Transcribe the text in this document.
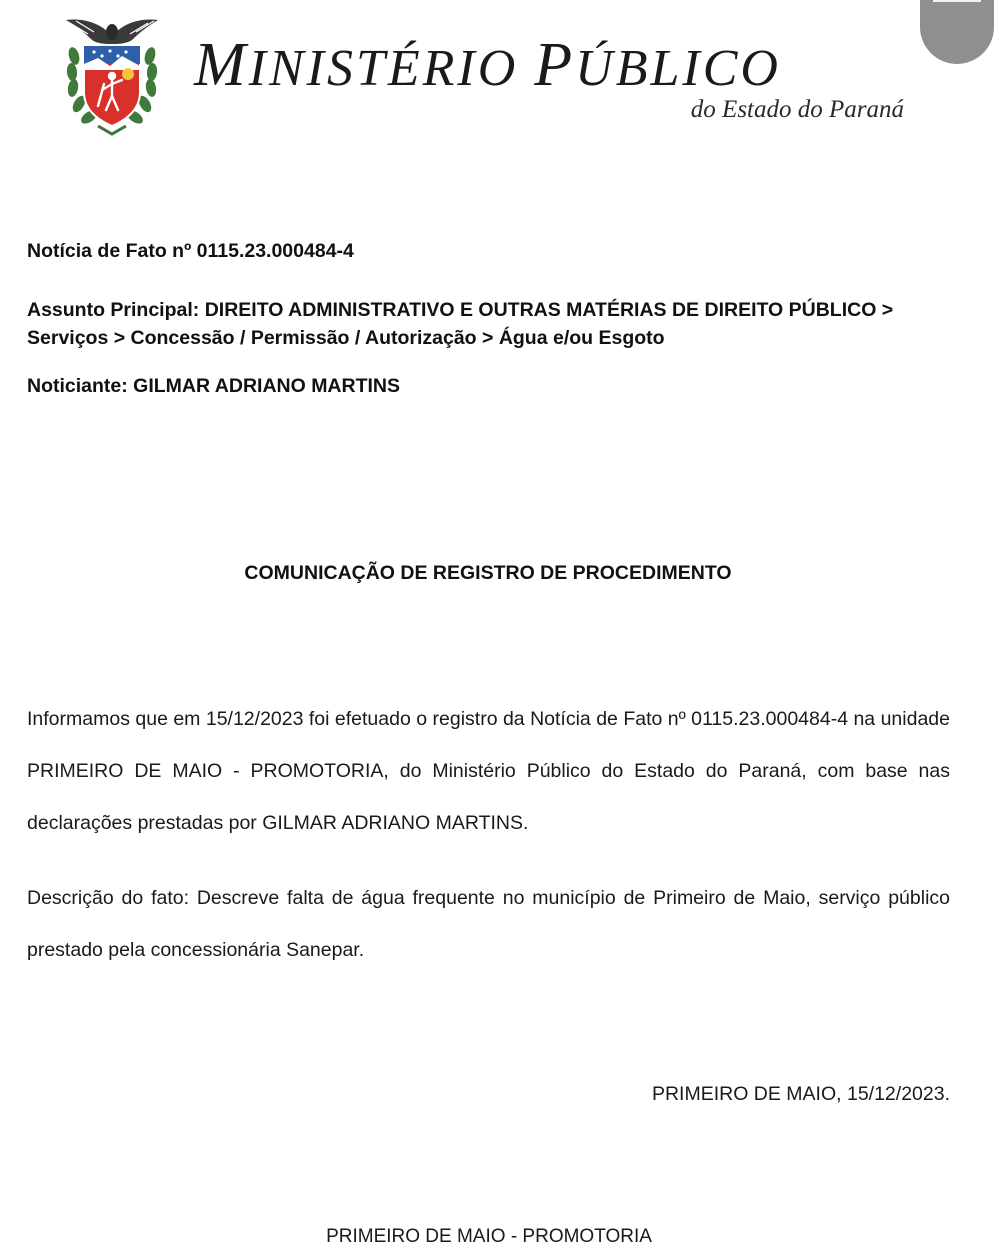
MINISTÉRIO PÚBLICO
do Estado do Paraná
Notícia de Fato nº 0115.23.000484-4
Assunto Principal: DIREITO ADMINISTRATIVO E OUTRAS MATÉRIAS DE DIREITO PÚBLICO > Serviços > Concessão / Permissão / Autorização > Água e/ou Esgoto
Noticiante: GILMAR ADRIANO MARTINS
COMUNICAÇÃO DE REGISTRO DE PROCEDIMENTO
Informamos que em 15/12/2023 foi efetuado o registro da Notícia de Fato nº 0115.23.000484-4 na unidade PRIMEIRO DE MAIO - PROMOTORIA, do Ministério Público do Estado do Paraná, com base nas declarações prestadas por GILMAR ADRIANO MARTINS.
Descrição do fato: Descreve falta de água frequente no município de Primeiro de Maio, serviço público prestado pela concessionária Sanepar.
PRIMEIRO DE MAIO, 15/12/2023.
PRIMEIRO DE MAIO - PROMOTORIA
